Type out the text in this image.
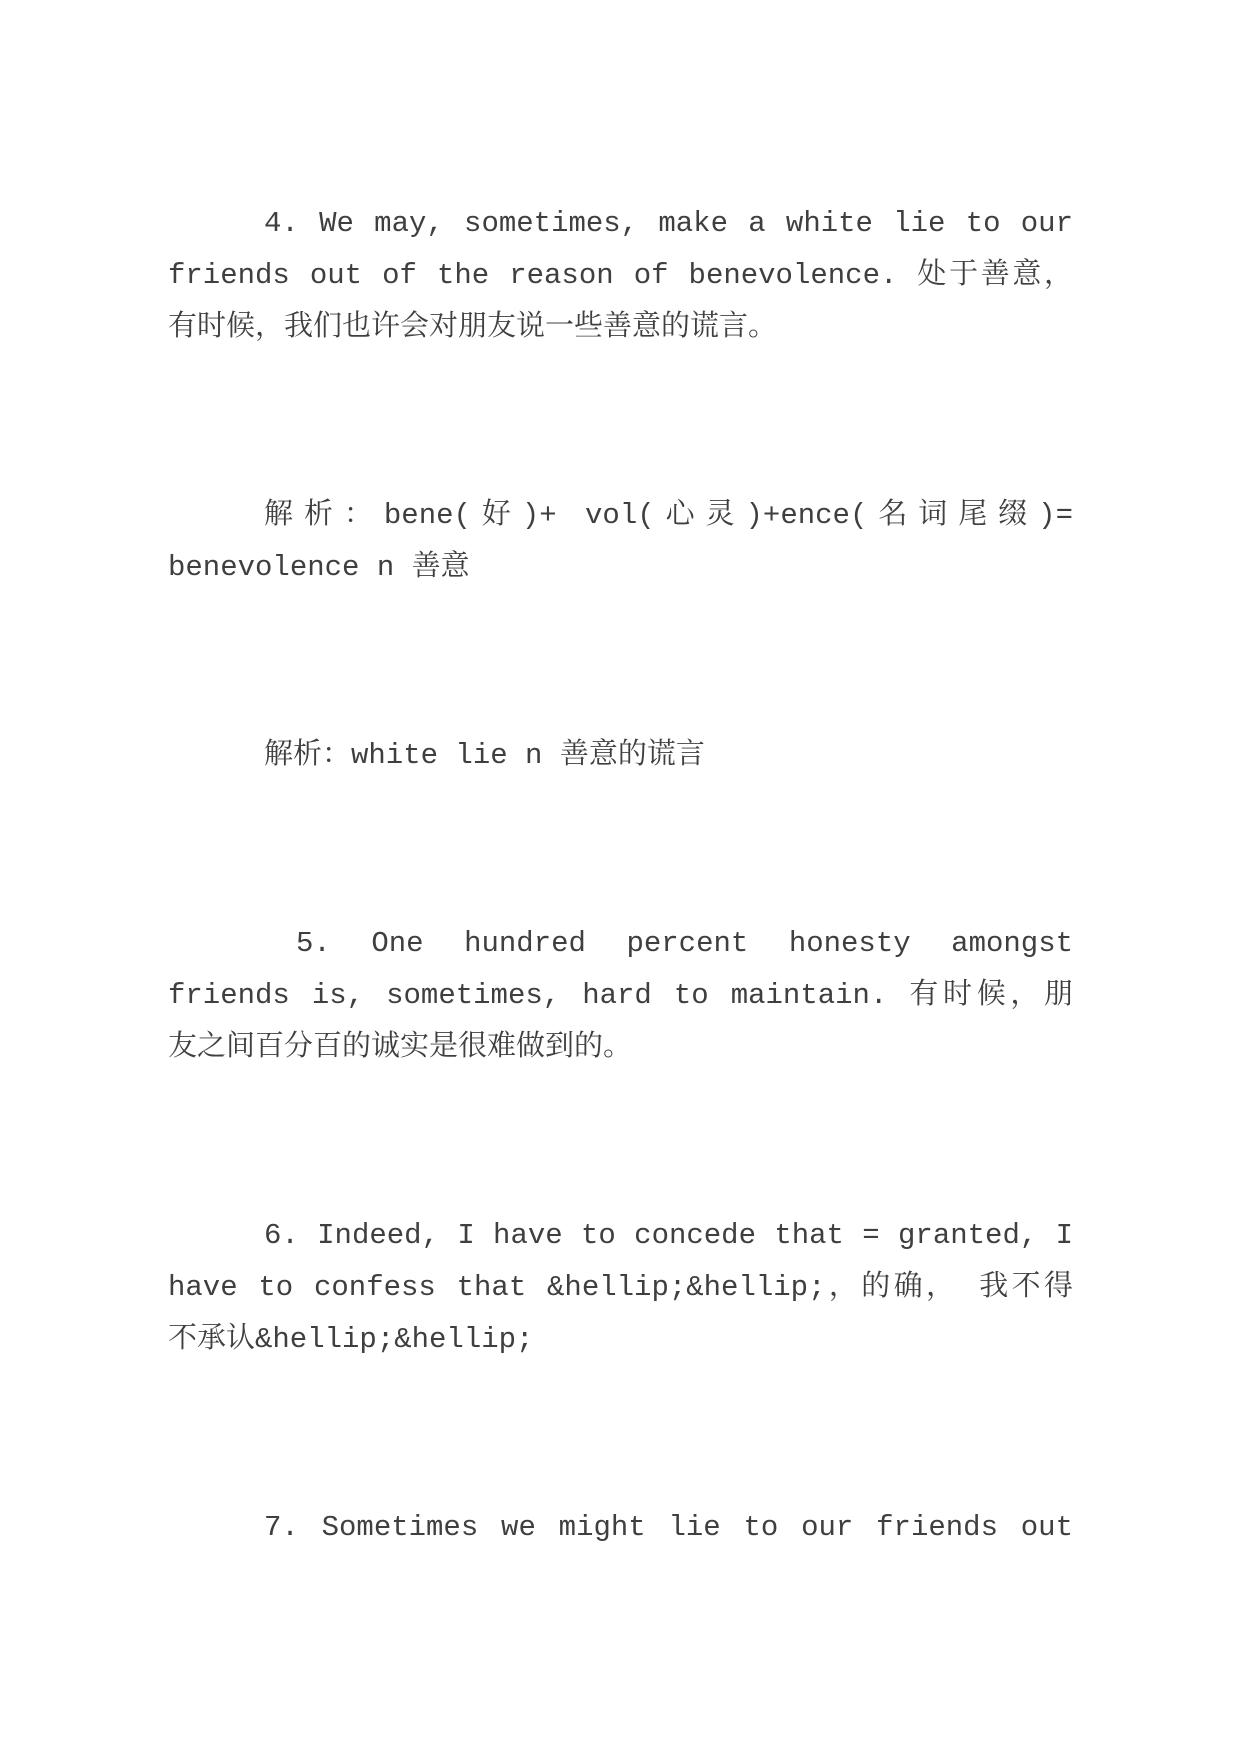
4. We may, sometimes, make a white lie to our
friends out of the reason of benevolence. 处于善意，
有时候，我们也许会对朋友说一些善意的谎言。
解析：bene(好)+ vol(心灵)+ence(名词尾缀)=
benevolence n 善意
解析：white lie n 善意的谎言
5. One hundred percent honesty amongst
friends is, sometimes, hard to maintain. 有时候，朋
友之间百分百的诚实是很难做到的。
6. Indeed, I have to concede that = granted, I
have to confess that &hellip;&hellip;，的确， 我不得
不承认&hellip;&hellip;
7. Sometimes we might lie to our friends out
